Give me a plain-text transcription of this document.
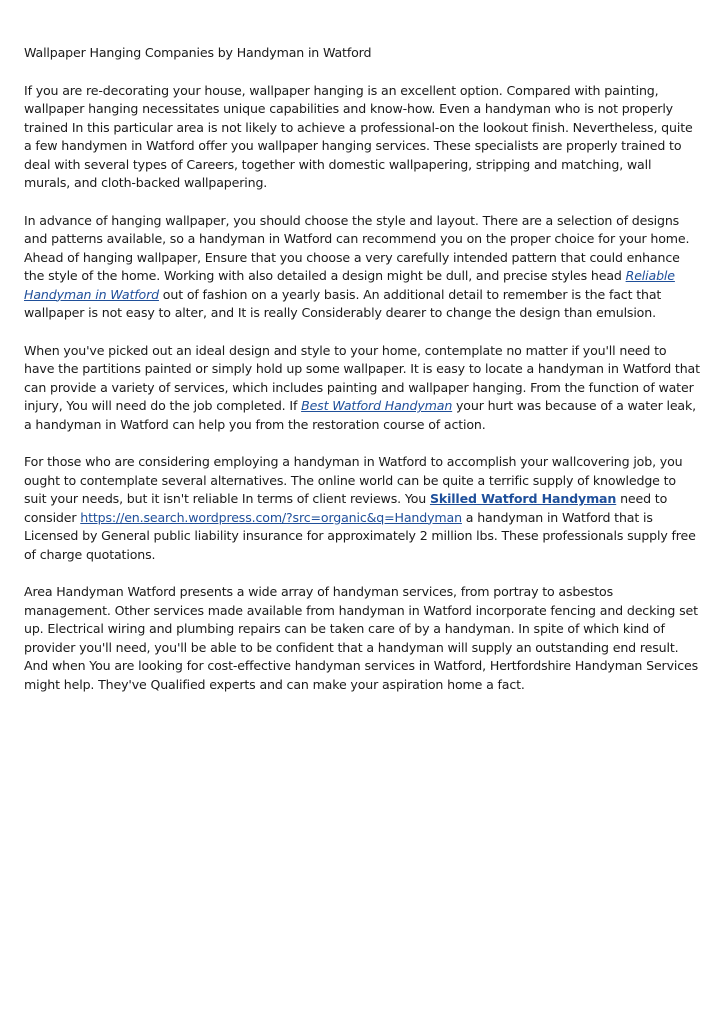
Wallpaper Hanging Companies by Handyman in Watford

If you are re-decorating your house, wallpaper hanging is an excellent option. Compared with painting, wallpaper hanging necessitates unique capabilities and know-how. Even a handyman who is not properly trained In this particular area is not likely to achieve a professional-on the lookout finish. Nevertheless, quite a few handymen in Watford offer you wallpaper hanging services. These specialists are properly trained to deal with several types of Careers, together with domestic wallpapering, stripping and matching, wall murals, and cloth-backed wallpapering.

In advance of hanging wallpaper, you should choose the style and layout. There are a selection of designs and patterns available, so a handyman in Watford can recommend you on the proper choice for your home. Ahead of hanging wallpaper, Ensure that you choose a very carefully intended pattern that could enhance the style of the home. Working with also detailed a design might be dull, and precise styles head Reliable Handyman in Watford out of fashion on a yearly basis. An additional detail to remember is the fact that wallpaper is not easy to alter, and It is really Considerably dearer to change the design than emulsion.

When you've picked out an ideal design and style to your home, contemplate no matter if you'll need to have the partitions painted or simply hold up some wallpaper. It is easy to locate a handyman in Watford that can provide a variety of services, which includes painting and wallpaper hanging. From the function of water injury, You will need do the job completed. If Best Watford Handyman your hurt was because of a water leak, a handyman in Watford can help you from the restoration course of action.

For those who are considering employing a handyman in Watford to accomplish your wallcovering job, you ought to contemplate several alternatives. The online world can be quite a terrific supply of knowledge to suit your needs, but it isn't reliable In terms of client reviews. You Skilled Watford Handyman need to consider https://en.search.wordpress.com/?src=organic&q=Handyman a handyman in Watford that is Licensed by General public liability insurance for approximately 2 million lbs. These professionals supply free of charge quotations.

Area Handyman Watford presents a wide array of handyman services, from portray to asbestos management. Other services made available from handyman in Watford incorporate fencing and decking set up. Electrical wiring and plumbing repairs can be taken care of by a handyman. In spite of which kind of provider you'll need, you'll be able to be confident that a handyman will supply an outstanding end result. And when You are looking for cost-effective handyman services in Watford, Hertfordshire Handyman Services might help. They've Qualified experts and can make your aspiration home a fact.
